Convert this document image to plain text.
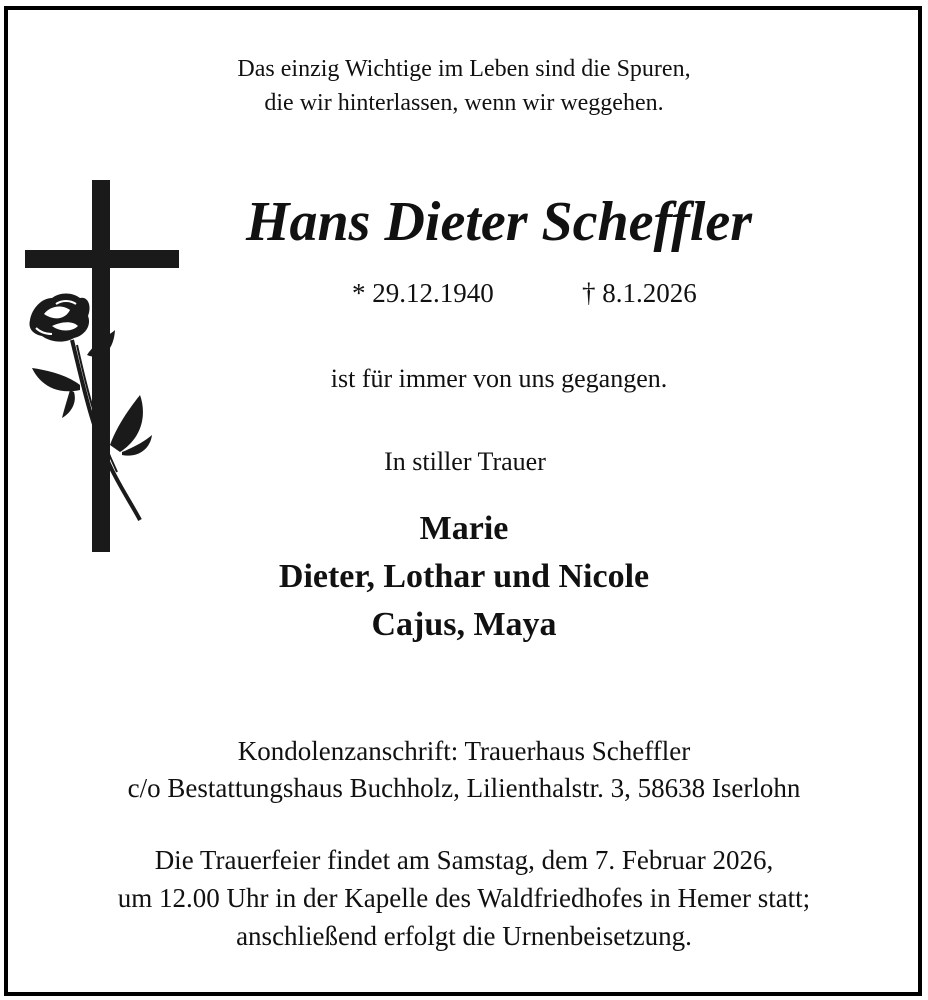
Das einzig Wichtige im Leben sind die Spuren,
die wir hinterlassen, wenn wir weggehen.
Hans Dieter Scheffler
* 29.12.1940	† 8.1.2026
ist für immer von uns gegangen.
In stiller Trauer
Marie
Dieter, Lothar und Nicole
Cajus, Maya
Kondolenzanschrift: Trauerhaus Scheffler
c/o Bestattungshaus Buchholz, Lilienthalstr. 3, 58638 Iserlohn
Die Trauerfeier findet am Samstag, dem 7. Februar 2026,
um 12.00 Uhr in der Kapelle des Waldfriedhofes in Hemer statt;
anschließend erfolgt die Urnenbeisetzung.
